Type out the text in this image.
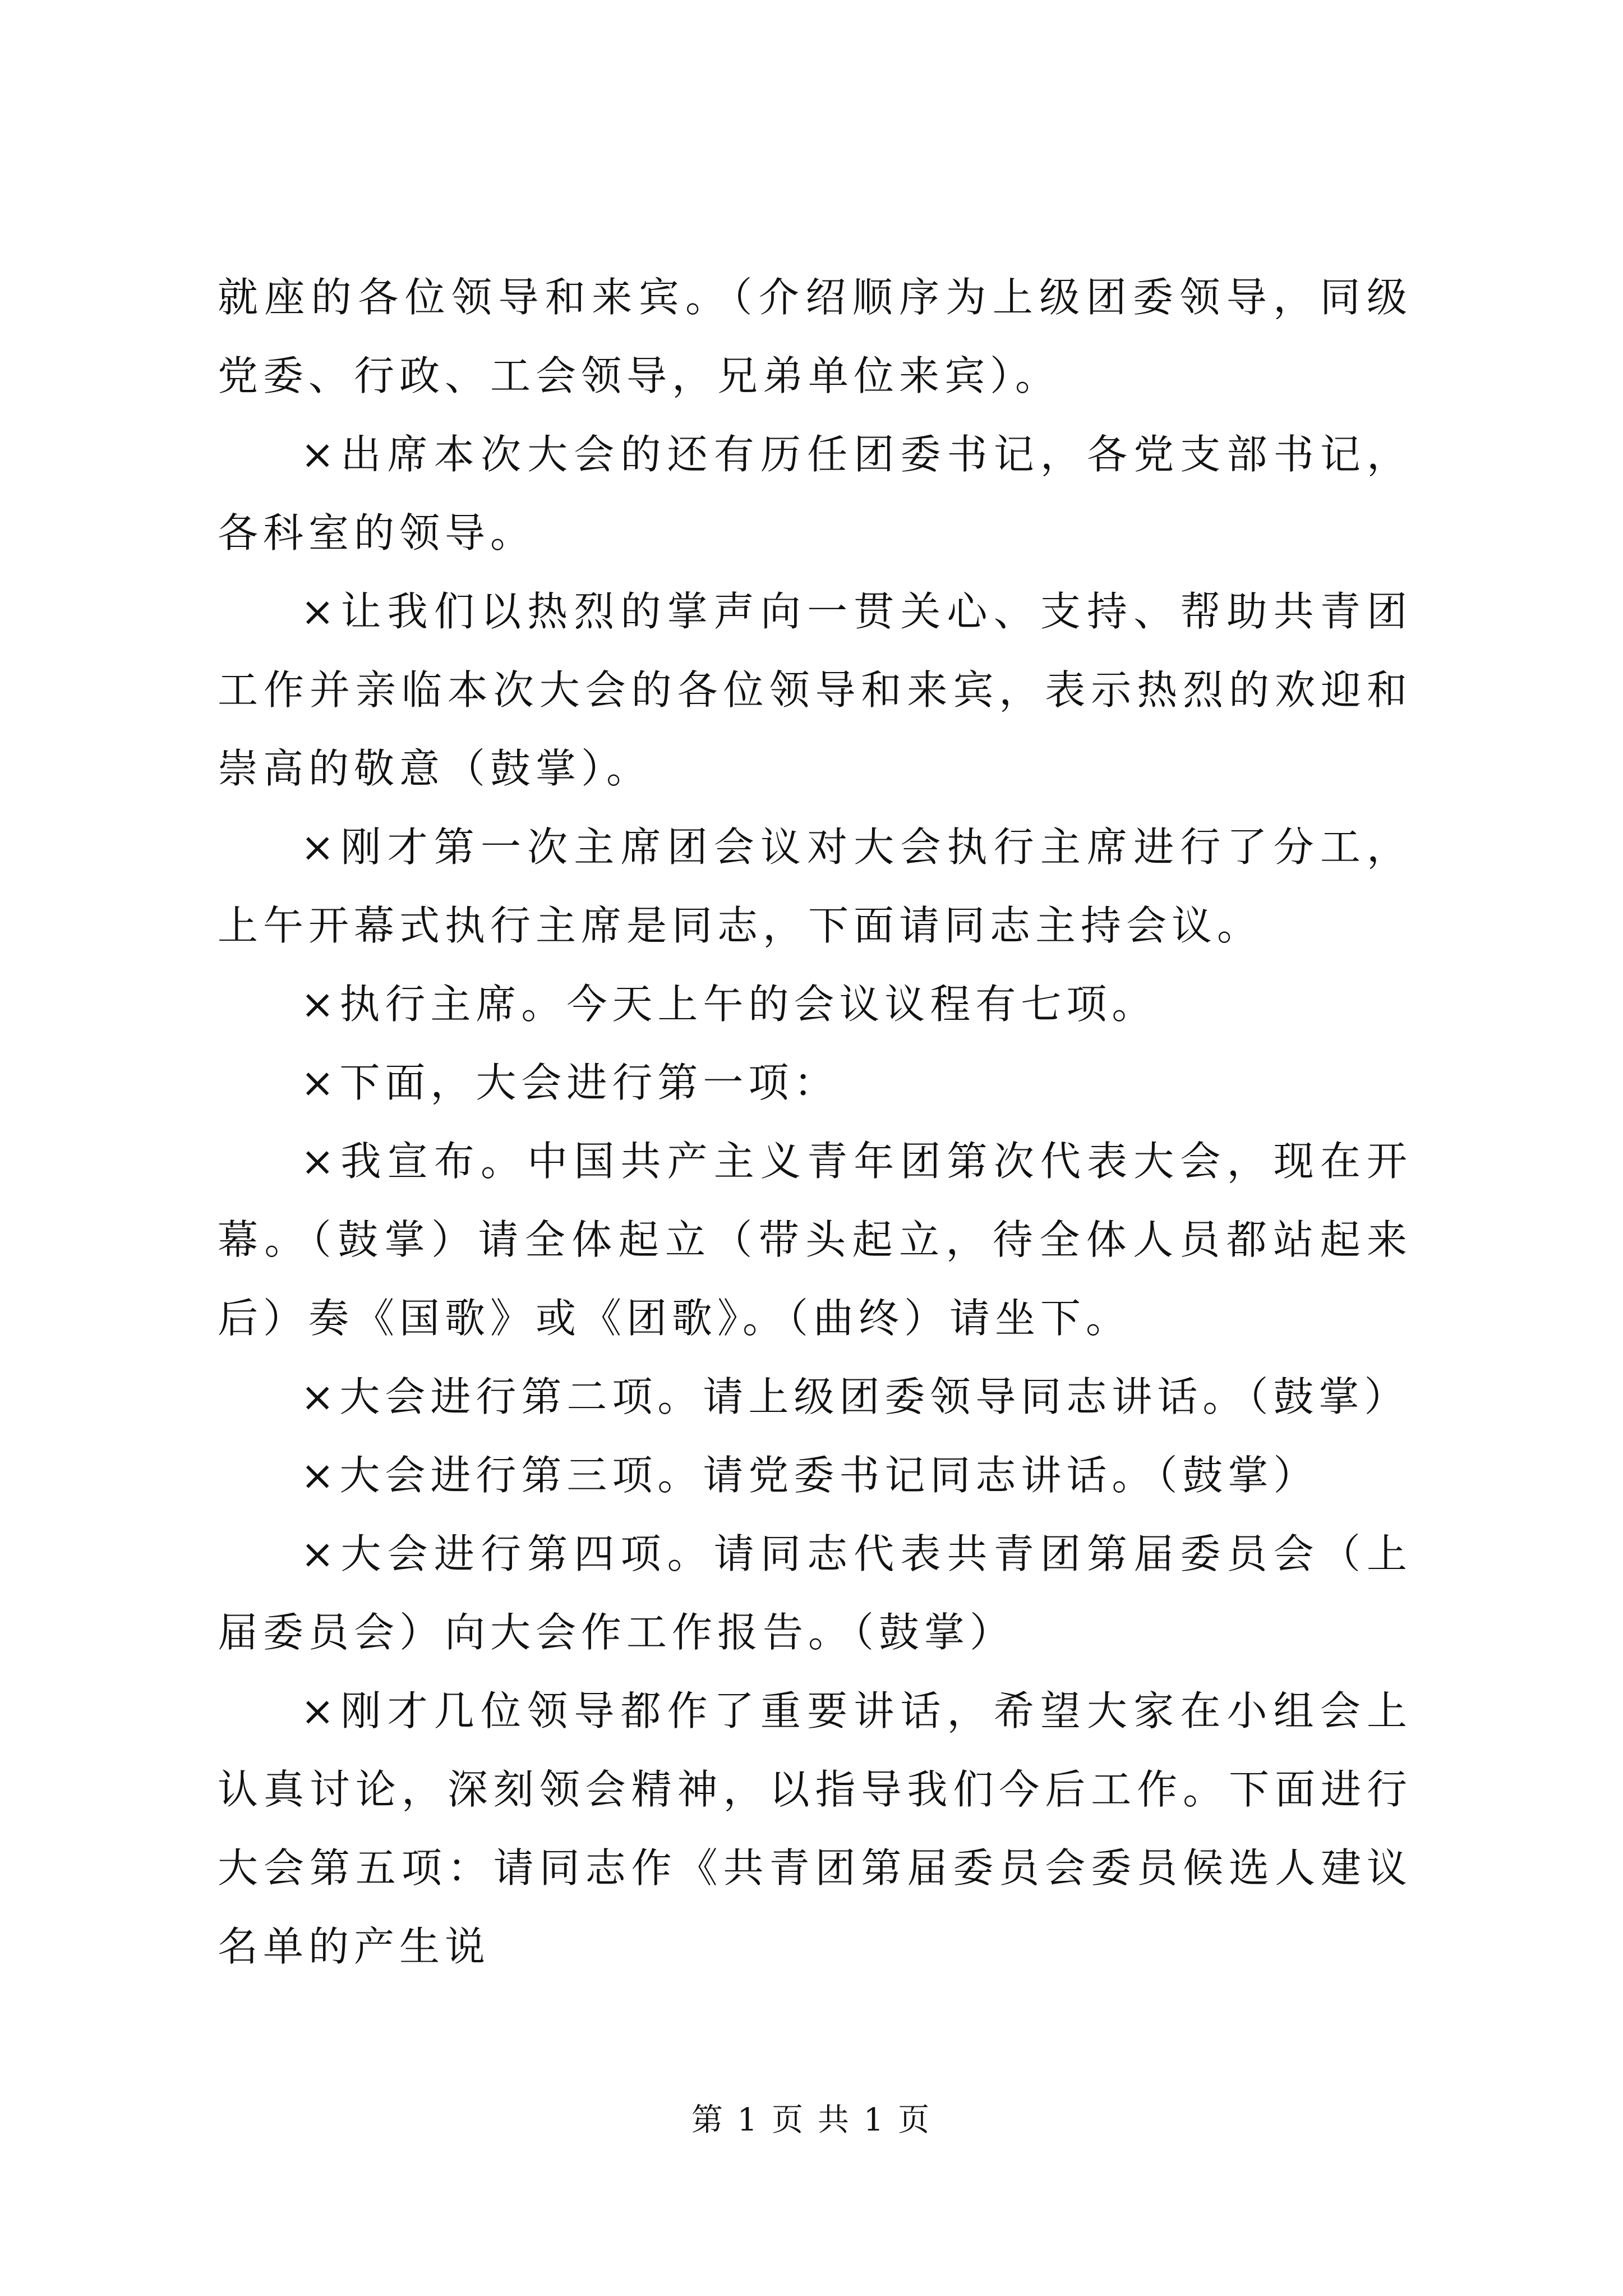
就座的各位领导和来宾。（介绍顺序为上级团委领导，同级党委、行政、工会领导，兄弟单位来宾）。

×出席本次大会的还有历任团委书记，各党支部书记，各科室的领导。

×让我们以热烈的掌声向一贯关心、支持、帮助共青团工作并亲临本次大会的各位领导和来宾，表示热烈的欢迎和崇高的敬意（鼓掌）。

×刚才第一次主席团会议对大会执行主席进行了分工，上午开幕式执行主席是同志，下面请同志主持会议。

×执行主席。今天上午的会议议程有七项。

×下面，大会进行第一项：

×我宣布。中国共产主义青年团第次代表大会，现在开幕。（鼓掌）请全体起立（带头起立，待全体人员都站起来后）奏《国歌》或《团歌》。（曲终）请坐下。

×大会进行第二项。请上级团委领导同志讲话。（鼓掌）

×大会进行第三项。请党委书记同志讲话。（鼓掌）

×大会进行第四项。请同志代表共青团第届委员会（上届委员会）向大会作工作报告。（鼓掌）

×刚才几位领导都作了重要讲话，希望大家在小组会上认真讨论，深刻领会精神，以指导我们今后工作。下面进行大会第五项：请同志作《共青团第届委员会委员候选人建议名单的产生说

第 1 页 共 1 页
